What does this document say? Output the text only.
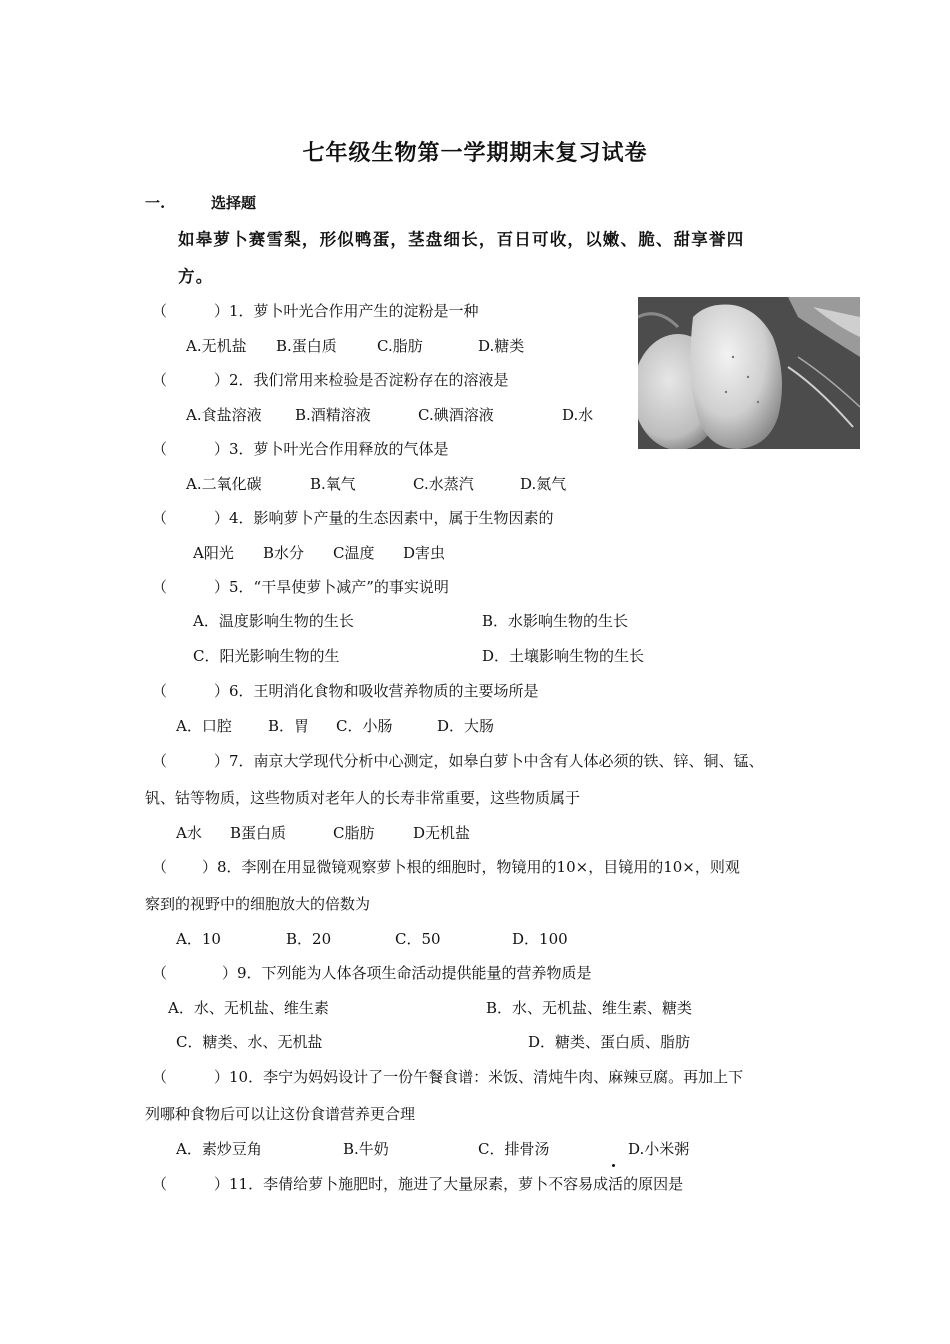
七年级生物第一学期期末复习试卷
一.	选择题
如皋萝卜赛雪梨，形似鸭蛋，茎盘细长，百日可收，以嫩、脆、甜享誉四
方。
（	）1．萝卜叶光合作用产生的淀粉是一种
A.无机盐 B.蛋白质	C.脂肪	D.糖类
（	）2．我们常用来检验是否淀粉存在的溶液是
A.食盐溶液 B.酒精溶液	C.碘酒溶液	D.水
（	）3．萝卜叶光合作用释放的气体是
A.二氧化碳	B.氧气	C.水蒸汽	D.氮气
（	）4．影响萝卜产量的生态因素中，属于生物因素的
A阳光 B水分 C温度 D害虫
（	）5．“干旱使萝卜减产”的事实说明
A．温度影响生物的生长	B．水影响生物的生长
C．阳光影响生物的生	D．土壤影响生物的生长
（	）6．王明消化食物和吸收营养物质的主要场所是
A．口腔 B．胃 C．小肠	D．大肠
（	）7．南京大学现代分析中心测定，如皋白萝卜中含有人体必须的铁、锌、铜、锰、
钒、钴等物质，这些物质对老年人的长寿非常重要，这些物质属于
A水 B蛋白质	C脂肪	D无机盐
（ ）8．李刚在用显微镜观察萝卜根的细胞时，物镜用的10×，目镜用的10×，则观
察到的视野中的细胞放大的倍数为
A．10	B．20	C．50	D．100
（	）9．下列能为人体各项生命活动提供能量的营养物质是
A．水、无机盐、维生素	B．水、无机盐、维生素、糖类
C．糖类、水、无机盐	D．糖类、蛋白质、脂肪
（	）10．李宁为妈妈设计了一份午餐食谱：米饭、清炖牛肉、麻辣豆腐。再加上下
列哪种食物后可以让这份食谱营养更合理
A．素炒豆角	B.牛奶	C．排骨汤	D.小米粥
（	）11．李倩给萝卜施肥时，施进了大量尿素，萝卜不容易成活的原因是
